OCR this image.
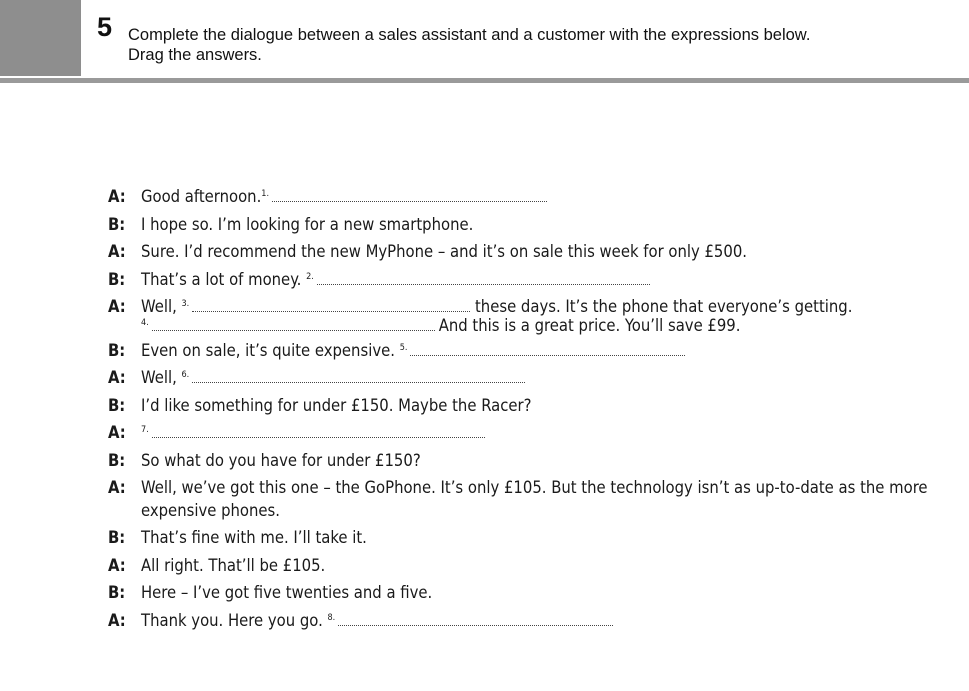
5 Complete the dialogue between a sales assistant and a customer with the expressions below.
Drag the answers.
A: Good afternoon.$^{1.}$
B: I hope so. I’m looking for a new smartphone.
A: Sure. I’d recommend the new MyPhone – and it’s on sale this week for only £500.
B: That’s a lot of money. $^{2.}$
A: Well, $^{3.}$	these days. It’s the phone that everyone’s getting.
$^{4.}$	And this is a great price. You’ll save £99.
B: Even on sale, it’s quite expensive. $^{5.}$
A: Well, $^{6.}$
B: I’d like something for under £150. Maybe the Racer?
A:	$^{7.}$
B: So what do you have for under £150?
A: Well, we’ve got this one – the GoPhone. It’s only £105. But the technology isn’t as up-to-date as the more expensive phones.
B: That’s fine with me. I’ll take it.
A: All right. That’ll be £105.
B: Here – I’ve got five twenties and a five.
A: Thank you. Here you go. $^{8.}$
